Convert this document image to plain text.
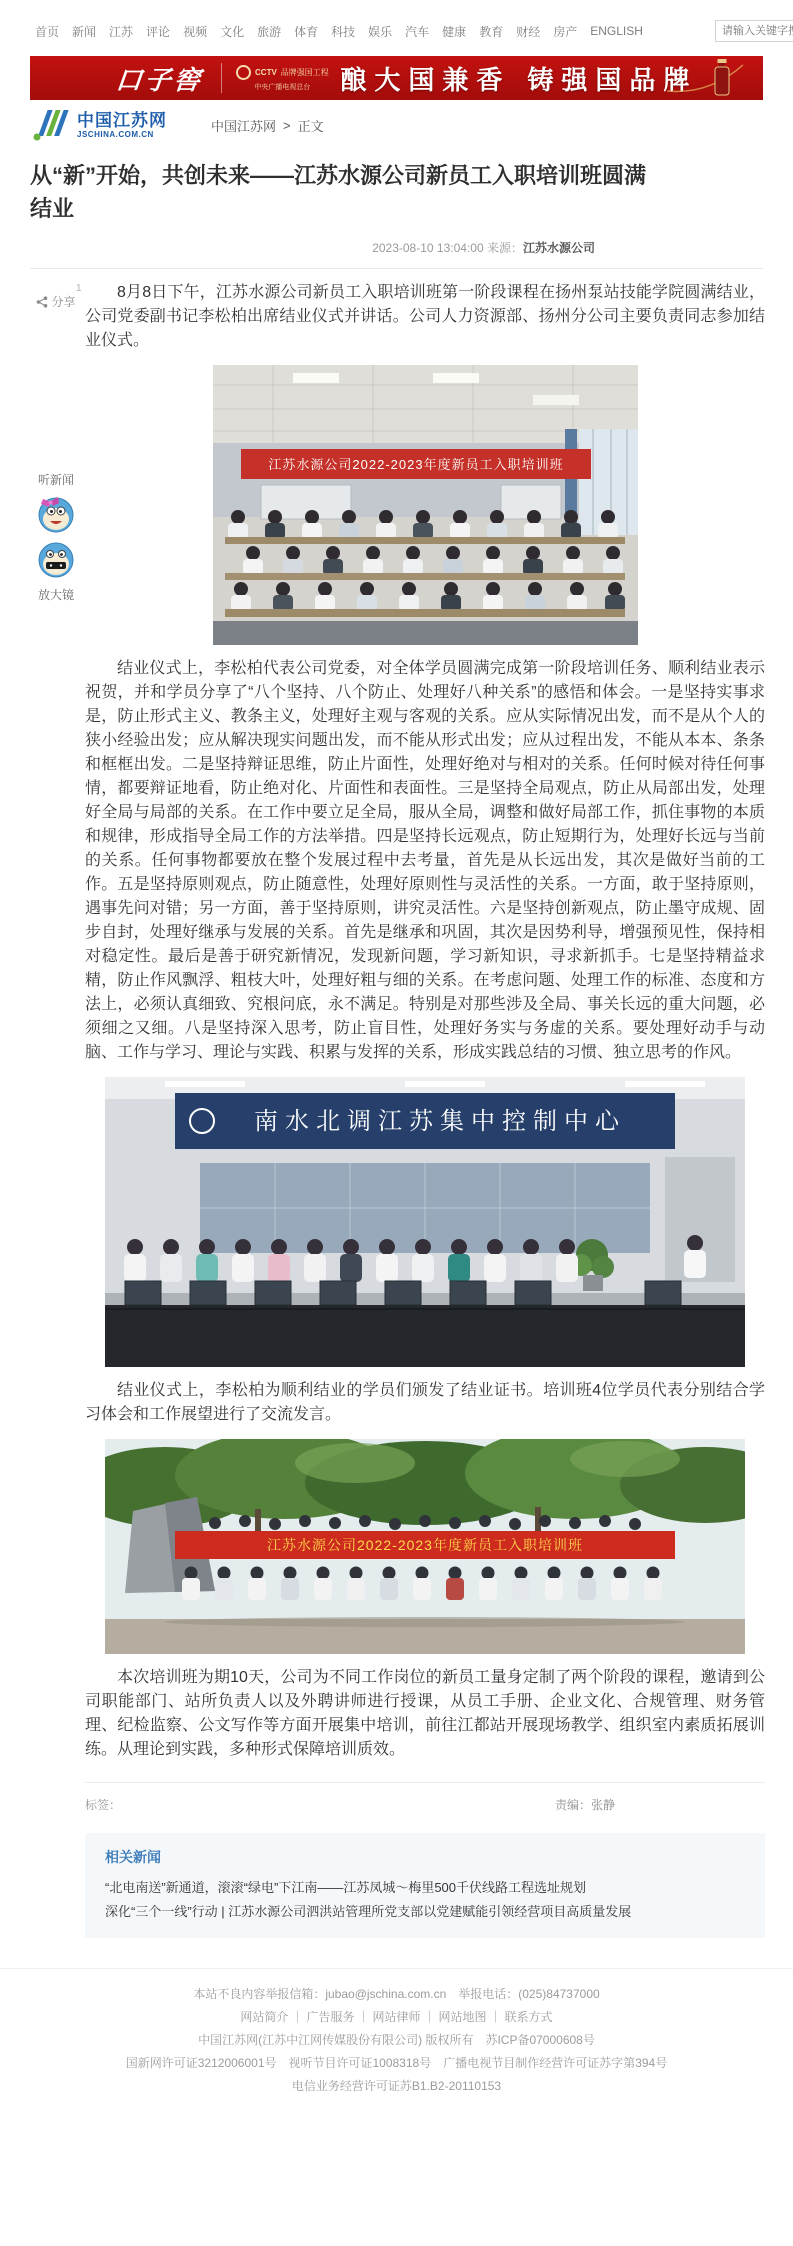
首页 新闻 江苏 评论 视频 文化 旅游 体育 科技 娱乐 汽车 健康 教育 财经 房产 ENGLISH
请输入关键字搜索
口子窖	CCTV 品牌强国工程
中央广播电视总台 酿大国兼香 铸强国品牌
中国江苏网
JSCHINA.COM.CN
中国江苏网 > 正文
从“新”开始，共创未来——江苏水源公司新员工入职培训班圆满结业
2023-08-10 13:04:00 来源：江苏水源公司
1
分享
听新闻
放大镜

8月8日下午，江苏水源公司新员工入职培训班第一阶段课程在扬州泵站技能学院圆满结业，公司党委副书记李松柏出席结业仪式并讲话。公司人力资源部、扬州分公司主要负责同志参加结业仪式。

江苏水源公司2022-2023年度新员工入职培训班

结业仪式上，李松柏代表公司党委，对全体学员圆满完成第一阶段培训任务、顺利结业表示祝贺，并和学员分享了“八个坚持、八个防止、处理好八种关系”的感悟和体会。一是坚持实事求是，防止形式主义、教条主义，处理好主观与客观的关系。应从实际情况出发，而不是从个人的狭小经验出发；应从解决现实问题出发，而不能从形式出发；应从过程出发，不能从本本、条条和框框出发。二是坚持辩证思维，防止片面性，处理好绝对与相对的关系。任何时候对待任何事情，都要辩证地看，防止绝对化、片面性和表面性。三是坚持全局观点，防止从局部出发，处理好全局与局部的关系。在工作中要立足全局，服从全局，调整和做好局部工作，抓住事物的本质和规律，形成指导全局工作的方法举措。四是坚持长远观点，防止短期行为，处理好长远与当前的关系。任何事物都要放在整个发展过程中去考量，首先是从长远出发，其次是做好当前的工作。五是坚持原则观点，防止随意性，处理好原则性与灵活性的关系。一方面，敢于坚持原则，遇事先问对错；另一方面，善于坚持原则，讲究灵活性。六是坚持创新观点，防止墨守成规、固步自封，处理好继承与发展的关系。首先是继承和巩固，其次是因势利导，增强预见性，保持相对稳定性。最后是善于研究新情况，发现新问题，学习新知识，寻求新抓手。七是坚持精益求精，防止作风飘浮、粗枝大叶，处理好粗与细的关系。在考虑问题、处理工作的标准、态度和方法上，必须认真细致、究根问底，永不满足。特别是对那些涉及全局、事关长远的重大问题，必须细之又细。八是坚持深入思考，防止盲目性，处理好务实与务虚的关系。要处理好动手与动脑、工作与学习、理论与实践、积累与发挥的关系，形成实践总结的习惯、独立思考的作风。

南水北调江苏集中控制中心

结业仪式上，李松柏为顺利结业的学员们颁发了结业证书。培训班4位学员代表分别结合学习体会和工作展望进行了交流发言。

江苏水源公司2022-2023年度新员工入职培训班

本次培训班为期10天，公司为不同工作岗位的新员工量身定制了两个阶段的课程，邀请到公司职能部门、站所负责人以及外聘讲师进行授课，从员工手册、企业文化、合规管理、财务管理、纪检监察、公文写作等方面开展集中培训，前往江都站开展现场教学、组织室内素质拓展训练。从理论到实践，多种形式保障培训质效。

标签：	责编：张静
相关新闻
“北电南送”新通道，滚滚“绿电”下江南——江苏凤城～梅里500千伏线路工程选址规划
深化“三个一线”行动 | 江苏水源公司泗洪站管理所党支部以党建赋能引领经营项目高质量发展

本站不良内容举报信箱：jubao@jschina.com.cn　举报电话：(025)84737000

网站简介 ｜ 广告服务 ｜ 网站律师 ｜ 网站地图 ｜ 联系方式

中国江苏网(江苏中江网传媒股份有限公司) 版权所有　苏ICP备07000608号

国新网许可证3212006001号　视听节目许可证1008318号　广播电视节目制作经营许可证苏字第394号

电信业务经营许可证苏B1.B2-20110153
